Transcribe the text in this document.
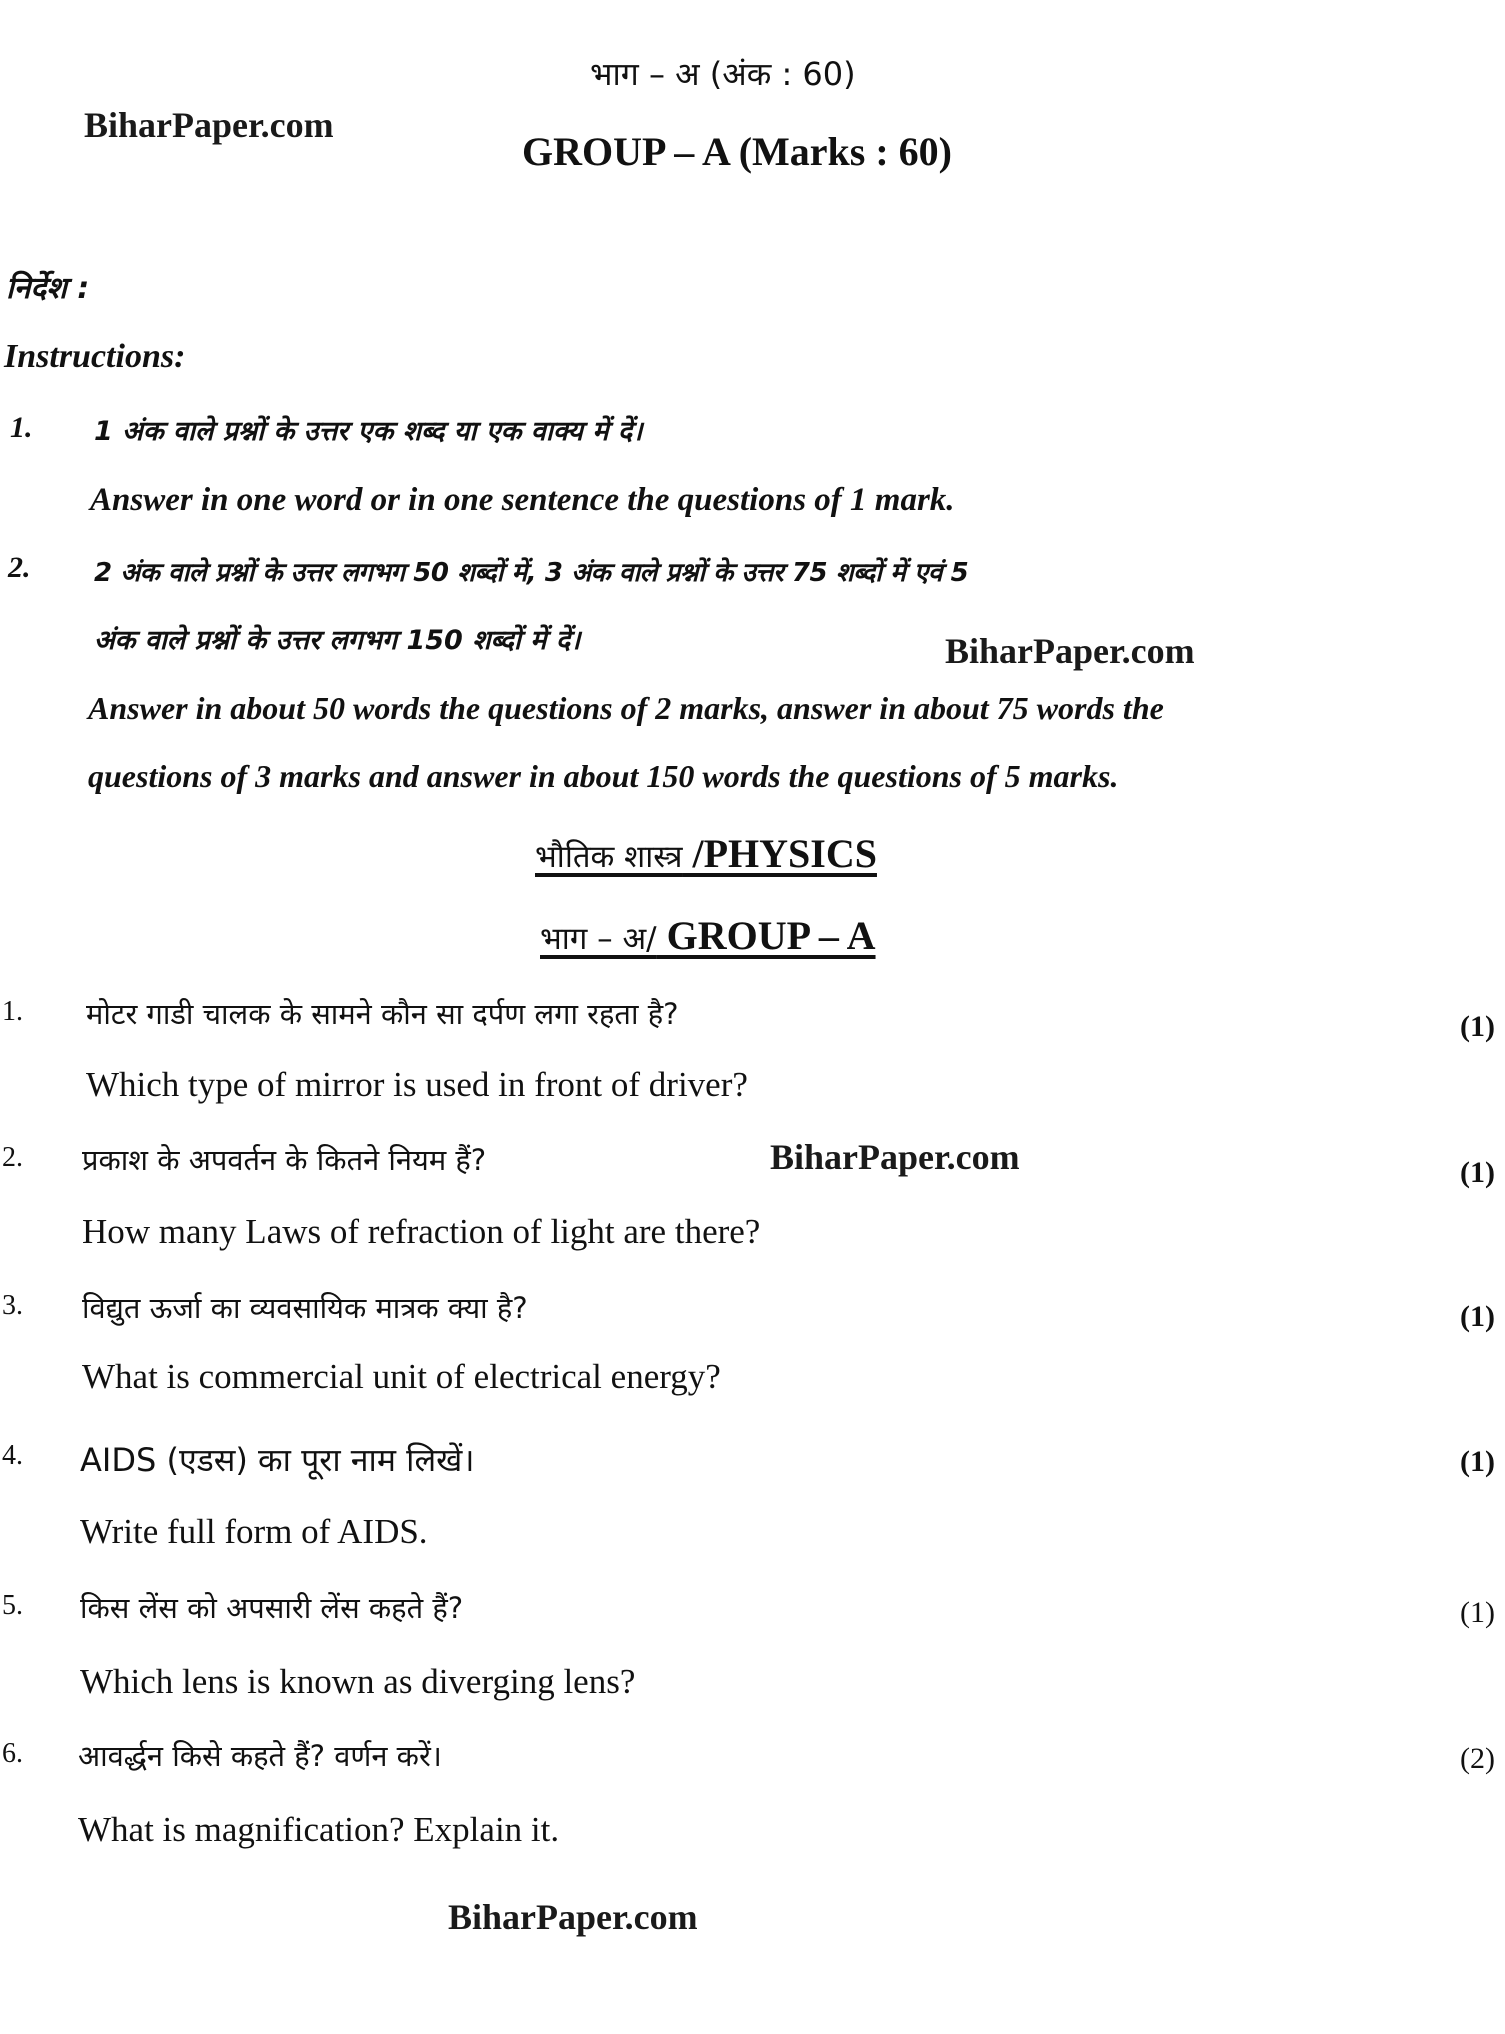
भाग – अ (अंक : 60)
BiharPaper.com
GROUP – A (Marks : 60)
निर्देश :
Instructions:
1. 1 अंक वाले प्रश्नों के उत्तर एक शब्द या एक वाक्य में दें।
Answer in one word or in one sentence the questions of 1 mark.
2. 2 अंक वाले प्रश्नों के उत्तर लगभग 50 शब्दों में, 3 अंक वाले प्रश्नों के उत्तर 75 शब्दों में एवं 5
अंक वाले प्रश्नों के उत्तर लगभग 150 शब्दों में दें।	BiharPaper.com
Answer in about 50 words the questions of 2 marks, answer in about 75 words the
questions of 3 marks and answer in about 150 words the questions of 5 marks.
भौतिक शास्त्र /PHYSICS
भाग – अ/ GROUP – A
1. मोटर गाडी चालक के सामने कौन सा दर्पण लगा रहता है?	(1)
Which type of mirror is used in front of driver?
2. प्रकाश के अपवर्तन के कितने नियम हैं?	BiharPaper.com	(1)
How many Laws of refraction of light are there?
3. विद्युत ऊर्जा का व्यवसायिक मात्रक क्या है?	(1)
What is commercial unit of electrical energy?
4. AIDS (एडस) का पूरा नाम लिखें।	(1)
Write full form of AIDS.
5. किस लेंस को अपसारी लेंस कहते हैं?	(1)
Which lens is known as diverging lens?
6. आवर्द्धन किसे कहते हैं? वर्णन करें।	(2)
What is magnification? Explain it.
BiharPaper.com
